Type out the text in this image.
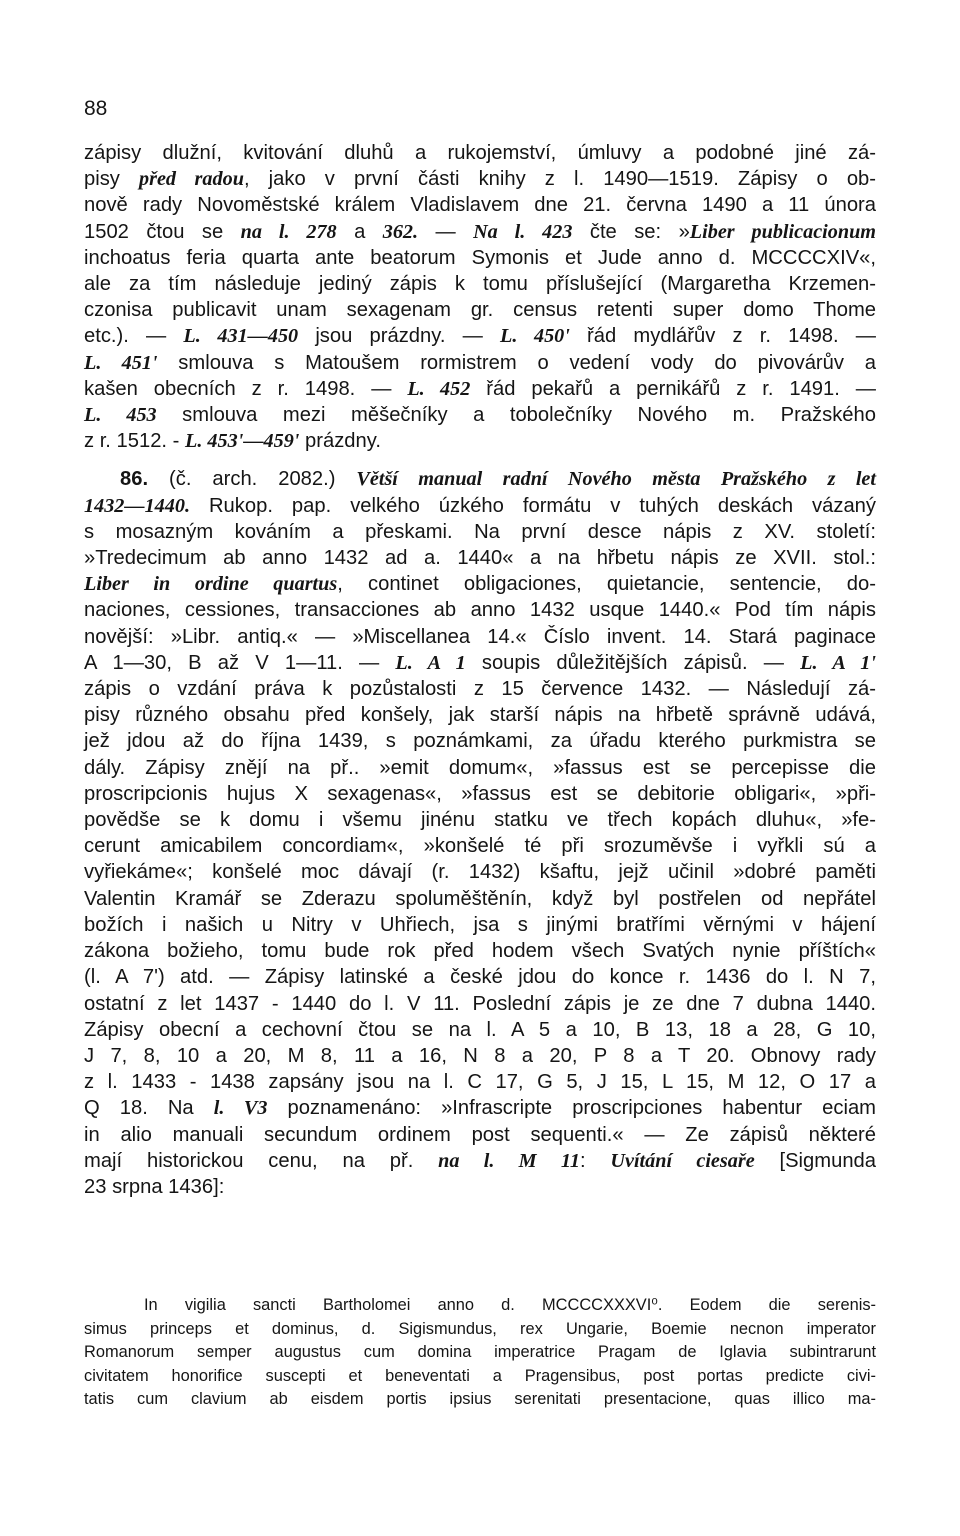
88
zápisy dlužní, kvitování dluhů a rukojemství, úmluvy a podobné jiné zá-
pisy před radou, jako v první části knihy z l. 1490—1519. Zápisy o ob-
nově rady Novoměstské králem Vladislavem dne 21. června 1490 a 11 února
1502 čtou se na l. 278 a 362. — Na l. 423 čte se: »Liber publicacionum
inchoatus feria quarta ante beatorum Symonis et Jude anno d. MCCCCXIV«,
ale za tím následuje jediný zápis k tomu příslušející (Margaretha Krzemen-
czonisa publicavit unam sexagenam gr. census retenti super domo Thome
etc.). — L. 431—450 jsou prázdny. — L. 450' řád mydlářův z r. 1498. —
L. 451' smlouva s Matoušem rormistrem o vedení vody do pivovárův a
kašen obecních z r. 1498. — L. 452 řád pekařů a pernikářů z r. 1491. —
L. 453 smlouva mezi měšečníky a tobolečníky Nového m. Pražského
z r. 1512. - L. 453'—459' prázdny.
86. (č. arch. 2082.) Větší manual radní Nového města Pražského z let
1432—1440. Rukop. pap. velkého úzkého formátu v tuhých deskách vázaný
s mosazným kováním a přeskami. Na první desce nápis z XV. století:
»Tredecimum ab anno 1432 ad a. 1440« a na hřbetu nápis ze XVII. stol.:
Liber in ordine quartus, continet obligaciones, quietancie, sentencie, do-
naciones, cessiones, transacciones ab anno 1432 usque 1440.« Pod tím nápis
novější: »Libr. antiq.« — »Miscellanea 14.« Číslo invent. 14. Stará paginace
A 1—30, B až V 1—11. — L. A 1 soupis důležitějších zápisů. — L. A 1'
zápis o vzdání práva k pozůstalosti z 15 července 1432. — Následují zá-
pisy různého obsahu před konšely, jak starší nápis na hřbetě správně udává,
jež jdou až do října 1439, s poznámkami, za úřadu kterého purkmistra se
dály. Zápisy znějí na př.. »emit domum«, »fassus est se percepisse die
proscripcionis hujus X sexagenas«, »fassus est se debitorie obligari«, »při-
povědše se k domu i všemu jinénu statku ve třech kopách dluhu«, »fe-
cerunt amicabilem concordiam«, »konšelé té při srozuměvše i vyřkli sú a
vyřiekáme«; konšelé moc dávají (r. 1432) kšaftu, jejž učinil »dobré paměti
Valentin Kramář se Zderazu spoluměštěnín, když byl postřelen od nepřátel
božích i našich u Nitry v Uhřiech, jsa s jinými bratřími věrnými v hájení
zákona božieho, tomu bude rok před hodem všech Svatých nynie příštích«
(l. A 7') atd. — Zápisy latinské a české jdou do konce r. 1436 do l. N 7,
ostatní z let 1437 - 1440 do l. V 11. Poslední zápis je ze dne 7 dubna 1440.
Zápisy obecní a cechovní čtou se na l. A 5 a 10, B 13, 18 a 28, G 10,
J 7, 8, 10 a 20, M 8, 11 a 16, N 8 a 20, P 8 a T 20. Obnovy rady
z l. 1433 - 1438 zapsány jsou na l. C 17, G 5, J 15, L 15, M 12, O 17 a
Q 18. Na l. V3 poznamenáno: »Infrascripte proscripciones habentur eciam
in alio manuali secundum ordinem post sequenti.« — Ze zápisů některé
mají historickou cenu, na př. na l. M 11: Uvítání ciesaře [Sigmunda
23 srpna 1436]:
In vigilia sancti Bartholomei anno d. MCCCCXXXVI⁰. Eodem die serenis-
simus princeps et dominus, d. Sigismundus, rex Ungarie, Boemie necnon imperator
Romanorum semper augustus cum domina imperatrice Pragam de Iglavia subintrarunt
civitatem honorifice suscepti et beneventati a Pragensibus, post portas predicte civi-
tatis cum clavium ab eisdem portis ipsius serenitati presentacione, quas illico ma-
